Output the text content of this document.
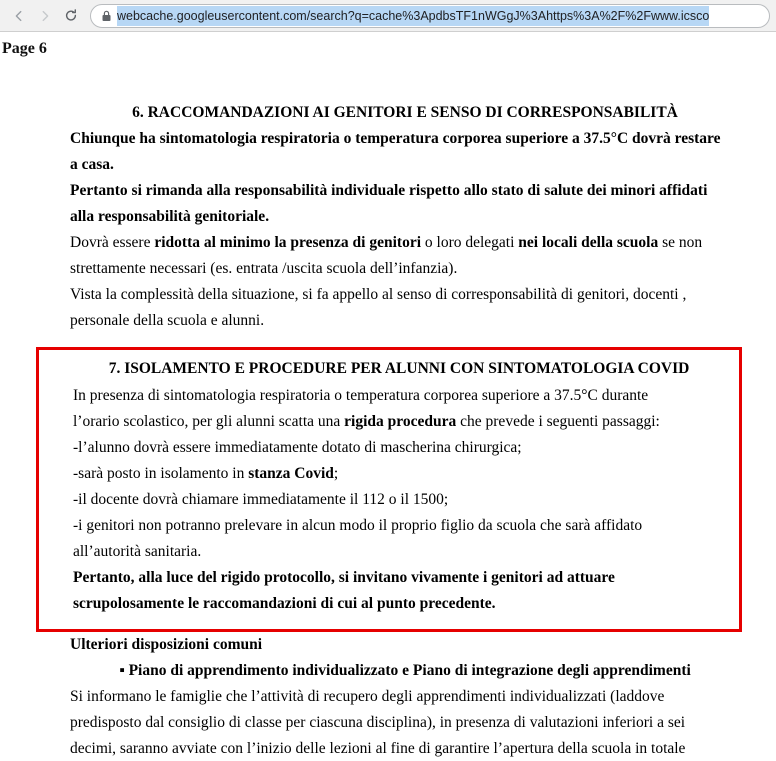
webcache.googleusercontent.com/search?q=cache%3ApdbsTF1nWGgJ%3Ahttps%3A%2F%2Fwww.icsco
Page 6

6. RACCOMANDAZIONI AI GENITORI E SENSO DI CORRESPONSABILITÀ

Chiunque ha sintomatologia respiratoria o temperatura corporea superiore a 37.5°C dovrà restare

a casa.

Pertanto si rimanda alla responsabilità individuale rispetto allo stato di salute dei minori affidati

alla responsabilità genitoriale.

Dovrà essere ridotta al minimo la presenza di genitori o loro delegati nei locali della scuola se non

strettamente necessari (es. entrata /uscita scuola dell’infanzia).

Vista la complessità della situazione, si fa appello al senso di corresponsabilità di genitori, docenti ,

personale della scuola e alunni.

7. ISOLAMENTO E PROCEDURE PER ALUNNI CON SINTOMATOLOGIA COVID

In presenza di sintomatologia respiratoria o temperatura corporea superiore a 37.5°C durante

l’orario scolastico, per gli alunni scatta una rigida procedura che prevede i seguenti passaggi:

-l’alunno dovrà essere immediatamente dotato di mascherina chirurgica;

-sarà posto in isolamento in stanza Covid;

-il docente dovrà chiamare immediatamente il 112 o il 1500;

-i genitori non potranno prelevare in alcun modo il proprio figlio da scuola che sarà affidato

all’autorità sanitaria.

Pertanto, alla luce del rigido protocollo, si invitano vivamente i genitori ad attuare

scrupolosamente le raccomandazioni di cui al punto precedente.

Ulteriori disposizioni comuni

▪ Piano di apprendimento individualizzato e Piano di integrazione degli apprendimenti

Si informano le famiglie che l’attività di recupero degli apprendimenti individualizzati (laddove

predisposto dal consiglio di classe per ciascuna disciplina), in presenza di valutazioni inferiori a sei

decimi, saranno avviate con l’inizio delle lezioni al fine di garantire l’apertura della scuola in totale
